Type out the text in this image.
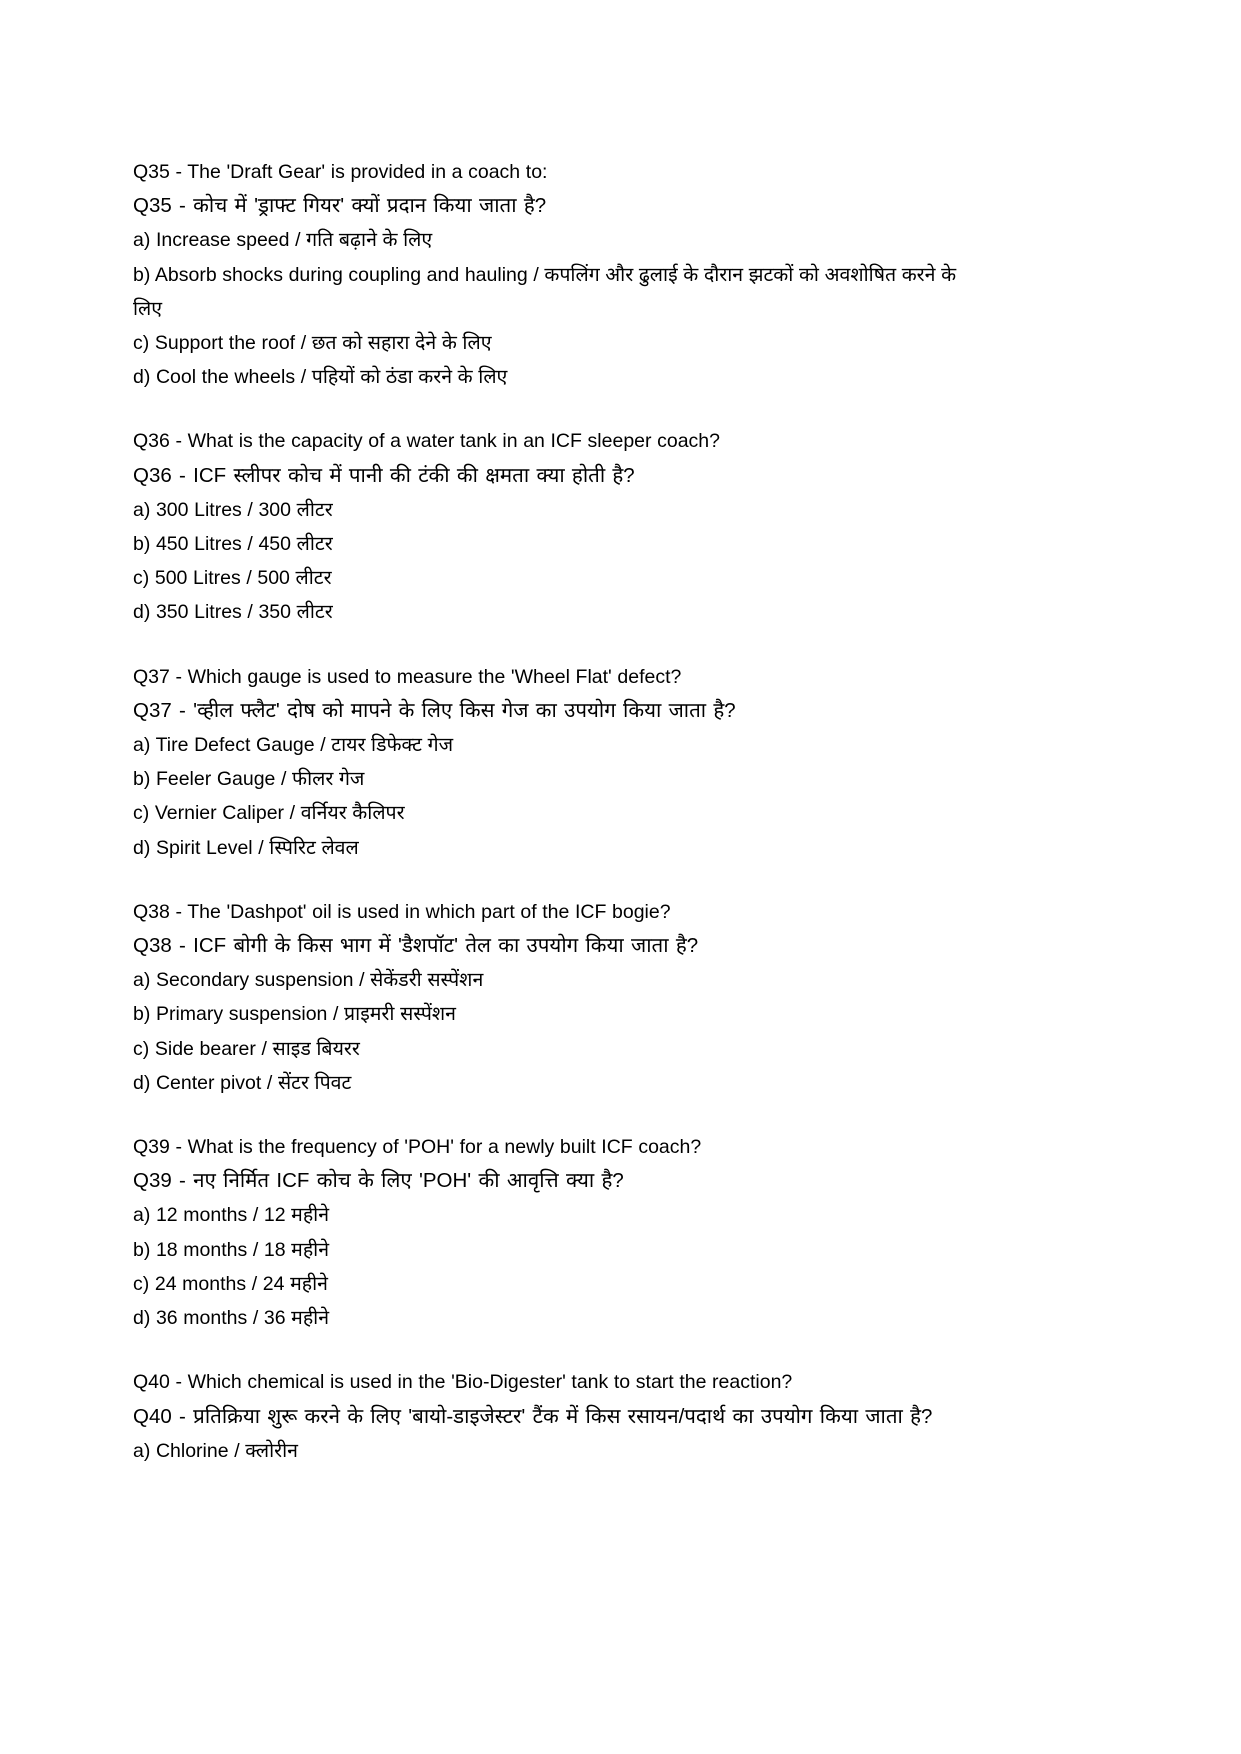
Q35 - The 'Draft Gear' is provided in a coach to:
Q35 - कोच में 'ड्राफ्ट गियर' क्यों प्रदान किया जाता है?
a) Increase speed / गति बढ़ाने के लिए
b) Absorb shocks during coupling and hauling / कपलिंग और ढुलाई के दौरान झटकों को अवशोषित करने के लिए
c) Support the roof / छत को सहारा देने के लिए
d) Cool the wheels / पहियों को ठंडा करने के लिए
Q36 - What is the capacity of a water tank in an ICF sleeper coach?
Q36 - ICF स्लीपर कोच में पानी की टंकी की क्षमता क्या होती है?
a) 300 Litres / 300 लीटर
b) 450 Litres / 450 लीटर
c) 500 Litres / 500 लीटर
d) 350 Litres / 350 लीटर
Q37 - Which gauge is used to measure the 'Wheel Flat' defect?
Q37 - 'व्हील फ्लैट' दोष को मापने के लिए किस गेज का उपयोग किया जाता है?
a) Tire Defect Gauge / टायर डिफेक्ट गेज
b) Feeler Gauge / फीलर गेज
c) Vernier Caliper / वर्नियर कैलिपर
d) Spirit Level / स्पिरिट लेवल
Q38 - The 'Dashpot' oil is used in which part of the ICF bogie?
Q38 - ICF बोगी के किस भाग में 'डैशपॉट' तेल का उपयोग किया जाता है?
a) Secondary suspension / सेकेंडरी सस्पेंशन
b) Primary suspension / प्राइमरी सस्पेंशन
c) Side bearer / साइड बियरर
d) Center pivot / सेंटर पिवट
Q39 - What is the frequency of 'POH' for a newly built ICF coach?
Q39 - नए निर्मित ICF कोच के लिए 'POH' की आवृत्ति क्या है?
a) 12 months / 12 महीने
b) 18 months / 18 महीने
c) 24 months / 24 महीने
d) 36 months / 36 महीने
Q40 - Which chemical is used in the 'Bio-Digester' tank to start the reaction?
Q40 - प्रतिक्रिया शुरू करने के लिए 'बायो-डाइजेस्टर' टैंक में किस रसायन/पदार्थ का उपयोग किया जाता है?
a) Chlorine / क्लोरीन
